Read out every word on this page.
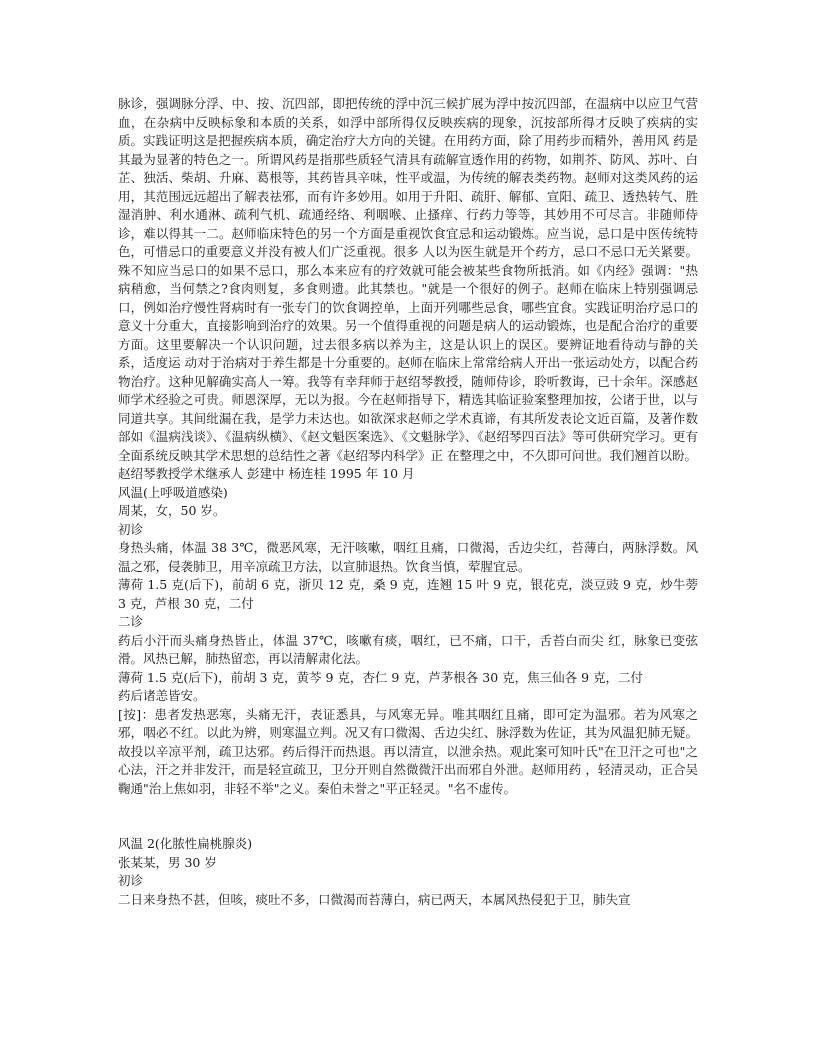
脉诊，强调脉分浮、中、按、沉四部，即把传统的浮中沉三候扩展为浮中按沉四部，在温病中以应卫气营血，在杂病中反映标象和本质的关系，如浮中部所得仅反映疾病的现象，沉按部所得才反映了疾病的实质。实践证明这是把握疾病本质，确定治疗大方向的关键。在用药方面，除了用药步而精外，善用风 药是其最为显著的特色之一。所谓风药是指那些质轻气清具有疏解宣透作用的药物，如荆芥、防风、苏叶、白芷、独活、柴胡、升麻、葛根等，其药皆具辛味，性平或温，为传统的解表类药物。赵师对这类风药的运用，其范围远远超出了解表祛邪，而有许多妙用。如用于升阳、疏肝、解郁、宣阳、疏卫、透热转气、胜湿消肿、利水通淋、疏利气机、疏通经络、利咽喉、止搔痒、行药力等等，其妙用不可尽言。非随师侍诊，难以得其一二。赵师临床特色的另一个方面是重视饮食宜忌和运动锻炼。应当说，忌口是中医传统特色，可惜忌口的重要意义并没有被人们广泛重视。很多 人以为医生就是开个药方，忌口不忌口无关紧要。殊不知应当忌口的如果不忌口，那么本来应有的疗效就可能会被某些食物所抵消。如《内经》强调："热病稍愈，当何禁之?食肉则复，多食则遗。此其禁也。"就是一个很好的例子。赵师在临床上特别强调忌口，例如治疗慢性肾病时有一张专门的饮食调控单，上面开列哪些忌食，哪些宜食。实践证明治疗忌口的意义十分重大，直接影响到治疗的效果。另一个值得重视的问题是病人的运动锻炼，也是配合治疗的重要方面。这里要解决一个认识问题，过去很多病以养为主，这是认识上的误区。要辨证地看待动与静的关系，适度运 动对于治病对于养生都是十分重要的。赵师在临床上常常给病人开出一张运动处方，以配合药物治疗。这种见解确实高人一筹。我等有幸拜师于赵绍琴教授，随师侍诊，聆听教诲，已十余年。深感赵师学术经验之可贵。师恩深厚，无以为报。今在赵师指导下，精选其临证验案整理加按，公诸于世，以与同道共享。其间纰漏在我，是学力未达也。如欲深求赵师之学术真谛，有其所发表论文近百篇，及著作数部如《温病浅谈》、《温病纵横》、《赵文魁医案选》、《文魁脉学》、《赵绍琴四百法》等可供研究学习。更有全面系统反映其学术思想的总结性之著《赵绍琴内科学》正 在整理之中，不久即可问世。我们翘首以盼。

赵绍琴教授学术继承人 彭建中 杨连桂 1995 年 10 月

风温(上呼吸道感染)

周某，女，50 岁。

初诊

身热头痛，体温 38 3℃，微恶风寒，无汗咳嗽，咽红且痛，口微渴，舌边尖红，苔薄白，两脉浮数。风温之邪，侵袭肺卫，用辛凉疏卫方法，以宣肺退热。饮食当慎，荤腥宜忌。

薄荷 1.5 克(后下)，前胡 6 克，浙贝 12 克，桑 9 克，连翘 15 叶 9 克，银花克，淡豆豉 9 克，炒牛蒡 3 克，芦根 30 克，二付

二诊

药后小汗而头痛身热皆止，体温 37℃，咳嗽有痰，咽红，已不痛，口干，舌苔白而尖 红，脉象已变弦滑。风热已解，肺热留恋，再以清解肃化法。

薄荷 1.5 克(后下)，前胡 3 克，黄芩 9 克，杏仁 9 克，芦茅根各 30 克，焦三仙各 9 克，二付

药后诸恙皆安。

[按]：患者发热恶寒，头痛无汗，表证悉具，与风寒无异。唯其咽红且痛，即可定为温邪。若为风寒之邪，咽必不红。以此为辨，则寒温立判。况又有口微渴、舌边尖红、脉浮数为佐证，其为风温犯肺无疑。故投以辛凉平剂，疏卫达邪。药后得汗而热退。再以清宣，以泄余热。观此案可知叶氏"在卫汗之可也"之心法，汗之并非发汗，而是轻宣疏卫，卫分开则自然微微汗出而邪自外泄。赵师用药 ，轻清灵动，正合吴鞠通"治上焦如羽，非轻不举"之义。秦伯未誉之"平正轻灵。"名不虚传。

风温 2(化脓性扁桃腺炎)

张某某，男 30 岁

初诊

二日来身热不甚，但咳，痰吐不多，口微渴而苔薄白，病已两天，本属风热侵犯于卫，肺失宣
